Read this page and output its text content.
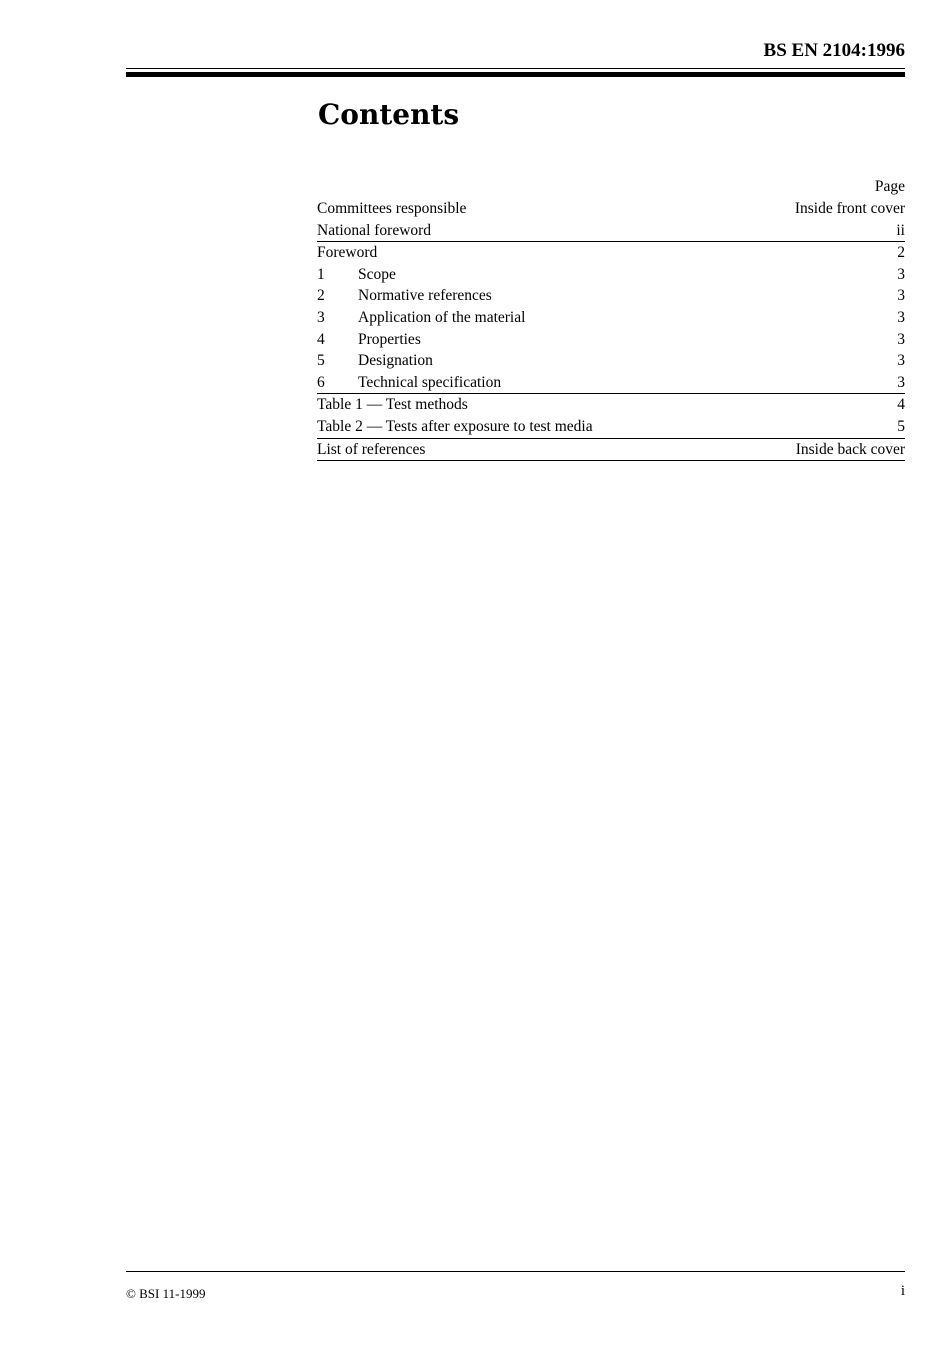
BS EN 2104:1996
Contents
Page
Committees responsible	Inside front cover
National foreword	ii
Foreword	2
1	Scope	3
2	Normative references	3
3	Application of the material	3
4	Properties	3
5	Designation	3
6	Technical specification	3
Table 1 — Test methods	4
Table 2 — Tests after exposure to test media	5
List of references	Inside back cover
© BSI 11-1999	i
